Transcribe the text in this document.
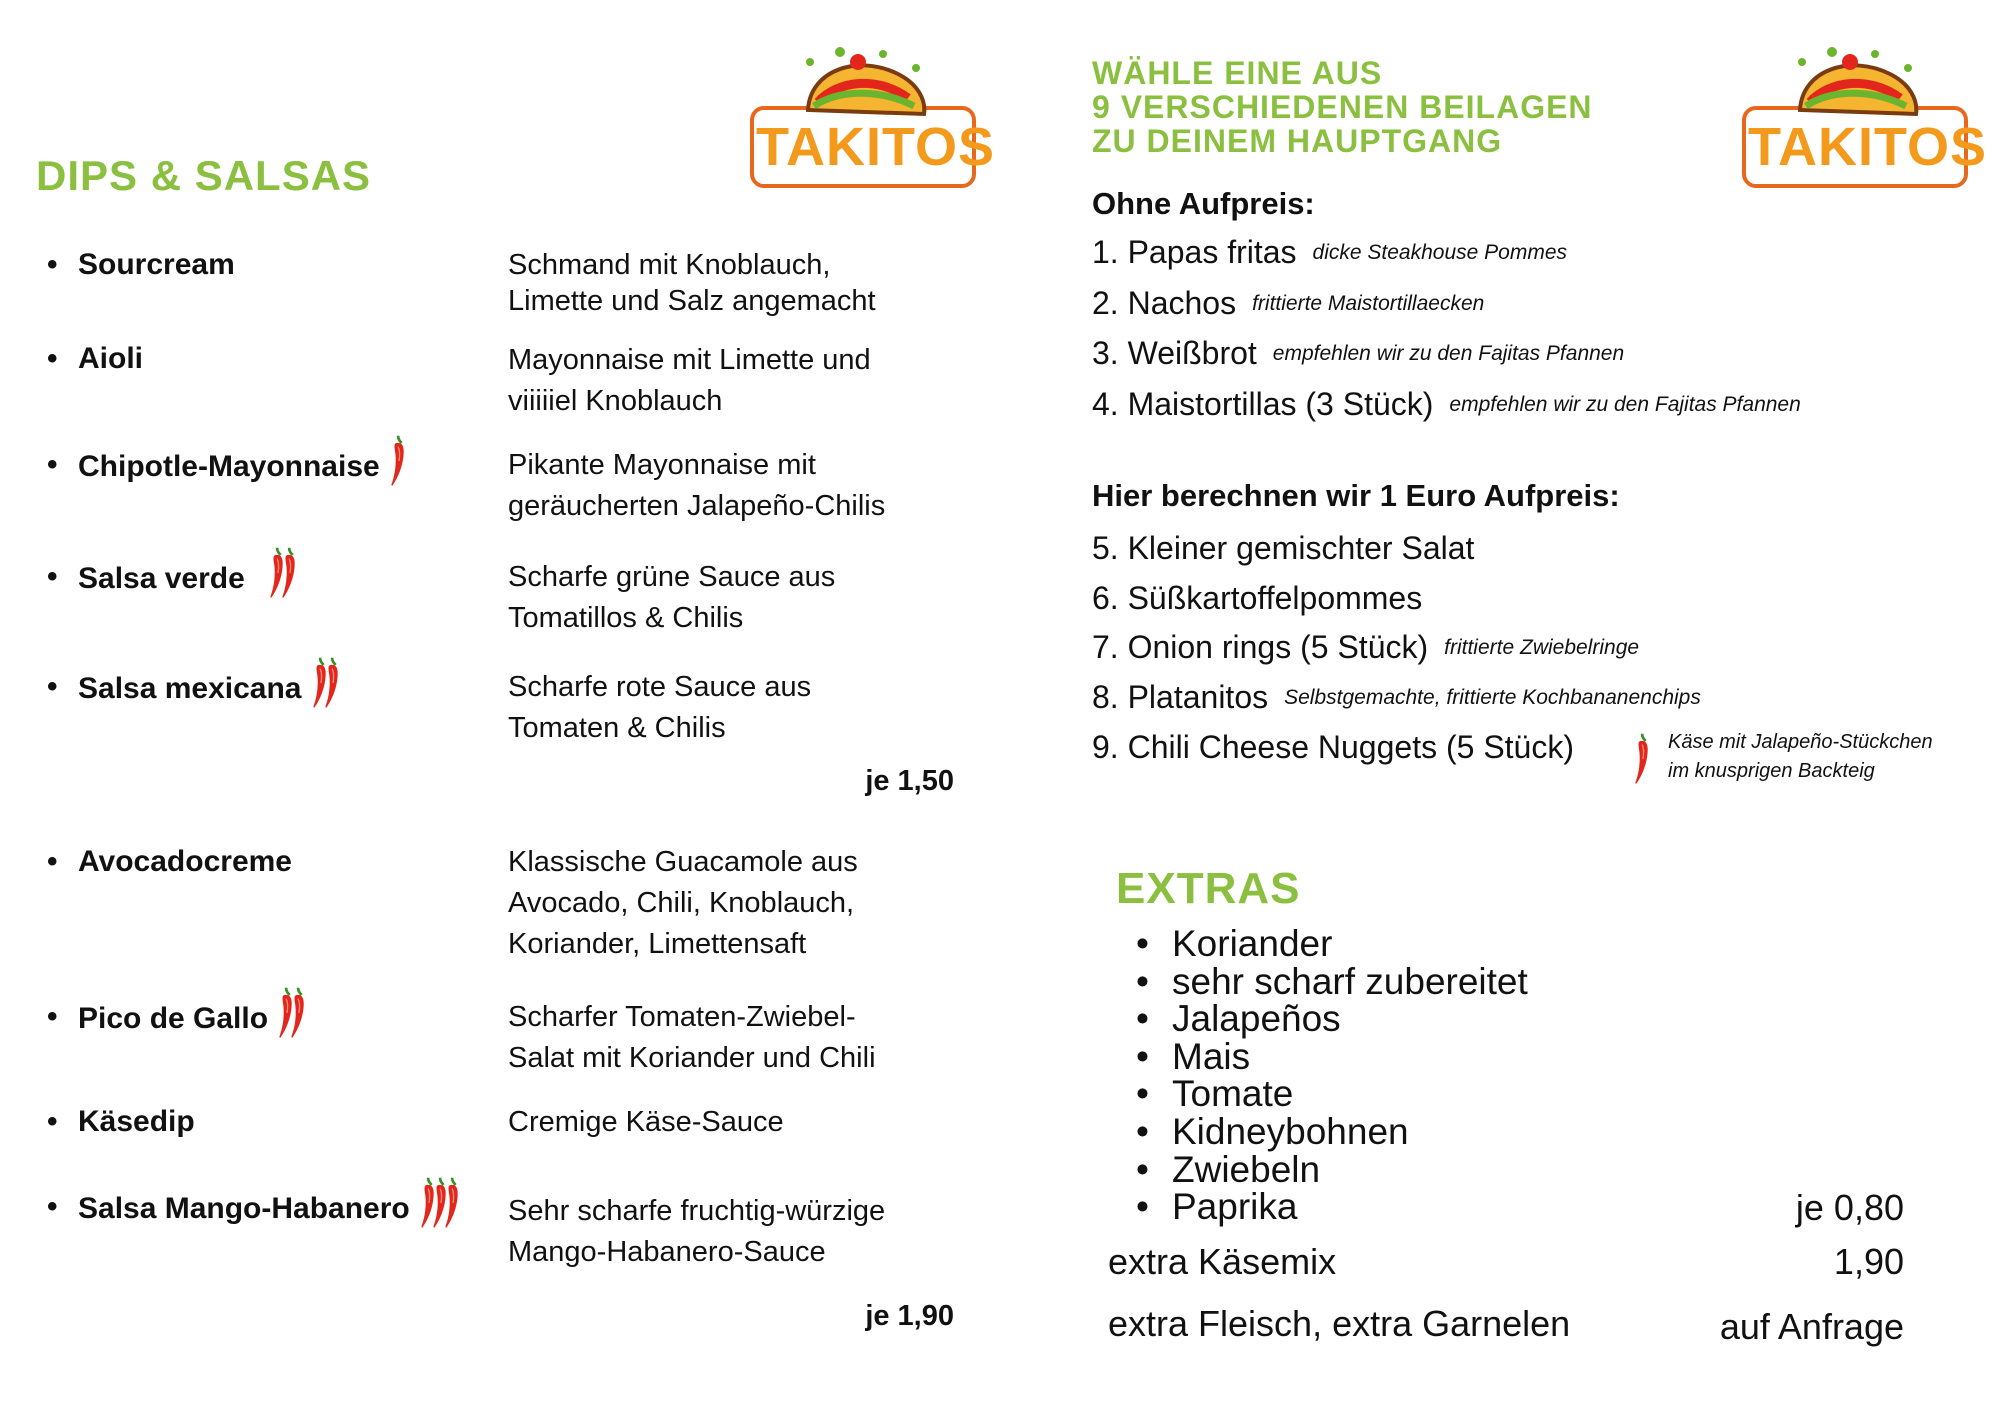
TAKITOS
DIPS & SALSAS
• Sourcream	Schmand mit Knoblauch,
Limette und Salz angemacht
• Aioli	Mayonnaise mit Limette und
viiiiiel Knoblauch
• Chipotle-Mayonnaise	Pikante Mayonnaise mit
geräucherten Jalapeño-Chilis
• Salsa verde	Scharfe grüne Sauce aus
Tomatillos & Chilis
• Salsa mexicana	Scharfe rote Sauce aus
Tomaten & Chilis
je 1,50
• Avocadocreme	Klassische Guacamole aus
Avocado, Chili, Knoblauch,
Koriander, Limettensaft
• Pico de Gallo	Scharfer Tomaten-Zwiebel-
Salat mit Koriander und Chili
• Käsedip	Cremige Käse-Sauce
• Salsa Mango-Habanero	Sehr scharfe fruchtig-würzige
Mango-Habanero-Sauce
je 1,90
TAKITOS
WÄHLE EINE AUS
9 VERSCHIEDENEN BEILAGEN
ZU DEINEM HAUPTGANG
Ohne Aufpreis:
1. Papas fritas dicke Steakhouse Pommes
2. Nachos frittierte Maistortillaecken
3. Weißbrot empfehlen wir zu den Fajitas Pfannen
4. Maistortillas (3 Stück) empfehlen wir zu den Fajitas Pfannen
Hier berechnen wir 1 Euro Aufpreis:
5. Kleiner gemischter Salat
6. Süßkartoffelpommes
7. Onion rings (5 Stück) frittierte Zwiebelringe
8. Platanitos Selbstgemachte, frittierte Kochbananenchips
9. Chili Cheese Nuggets (5 Stück)	Käse mit Jalapeño-Stückchen
im knusprigen Backteig
EXTRAS
• Koriander
• sehr scharf zubereitet
• Jalapeños
• Mais
• Tomate
• Kidneybohnen
• Zwiebeln
• Paprika	je 0,80
extra Käsemix	1,90
extra Fleisch, extra Garnelen	auf Anfrage
